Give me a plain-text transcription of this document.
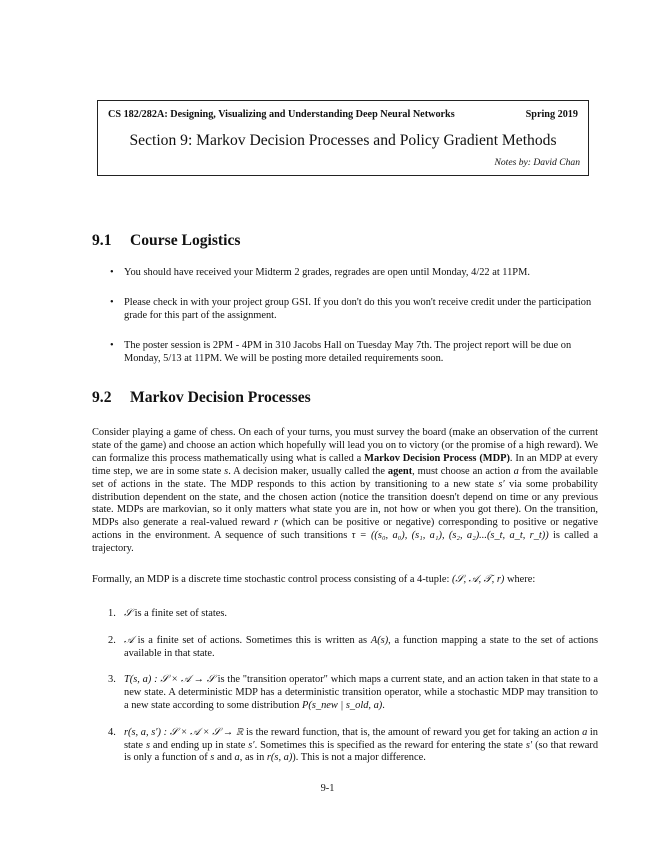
CS 182/282A: Designing, Visualizing and Understanding Deep Neural Networks	Spring 2019
Section 9: Markov Decision Processes and Policy Gradient Methods
Notes by: David Chan
9.1 Course Logistics
• You should have received your Midterm 2 grades, regrades are open until Monday, 4/22 at 11PM.
• Please check in with your project group GSI. If you don't do this you won't receive credit under the participation grade for this part of the assignment.
• The poster session is 2PM - 4PM in 310 Jacobs Hall on Tuesday May 7th. The project report will be due on Monday, 5/13 at 11PM. We will be posting more detailed requirements soon.
9.2 Markov Decision Processes

Consider playing a game of chess. On each of your turns, you must survey the board (make an observation of the current state of the game) and choose an action which hopefully will lead you on to victory (or the promise of a high reward). We can formalize this process mathematically using what is called a Markov Decision Process (MDP). In an MDP at every time step, we are in some state s. A decision maker, usually called the agent, must choose an action a from the available set of actions in the state. The MDP responds to this action by transitioning to a new state s′ via some probability distribution dependent on the state, and the chosen action (notice the transition doesn't depend on time or any previous state. MDPs are markovian, so it only matters what state you are in, not how or when you got there). On the transition, MDPs also generate a real-valued reward r (which can be positive or negative) corresponding to positive or negative actions in the environment. A sequence of such transitions τ = ((s₀, a₀), (s₁, a₁), (s₂, a₂)...(s_t, a_t, r_t)) is called a trajectory.

Formally, an MDP is a discrete time stochastic control process consisting of a 4-tuple: (𝒮, 𝒜, 𝒯, r) where:

1. 𝒮 is a finite set of states.
2. 𝒜 is a finite set of actions. Sometimes this is written as A(s), a function mapping a state to the set of actions available in that state.
3. T(s, a) : 𝒮 × 𝒜 → 𝒮 is the "transition operator" which maps a current state, and an action taken in that state to a new state. A deterministic MDP has a deterministic transition operator, while a stochastic MDP may transition to a new state according to some distribution P(s_new | s_old, a).
4. r(s, a, s′) : 𝒮 × 𝒜 × 𝒮 → ℝ is the reward function, that is, the amount of reward you get for taking an action a in state s and ending up in state s′. Sometimes this is specified as the reward for entering the state s′ (so that reward is only a function of s and a, as in r(s, a)). This is not a major difference.
9-1
